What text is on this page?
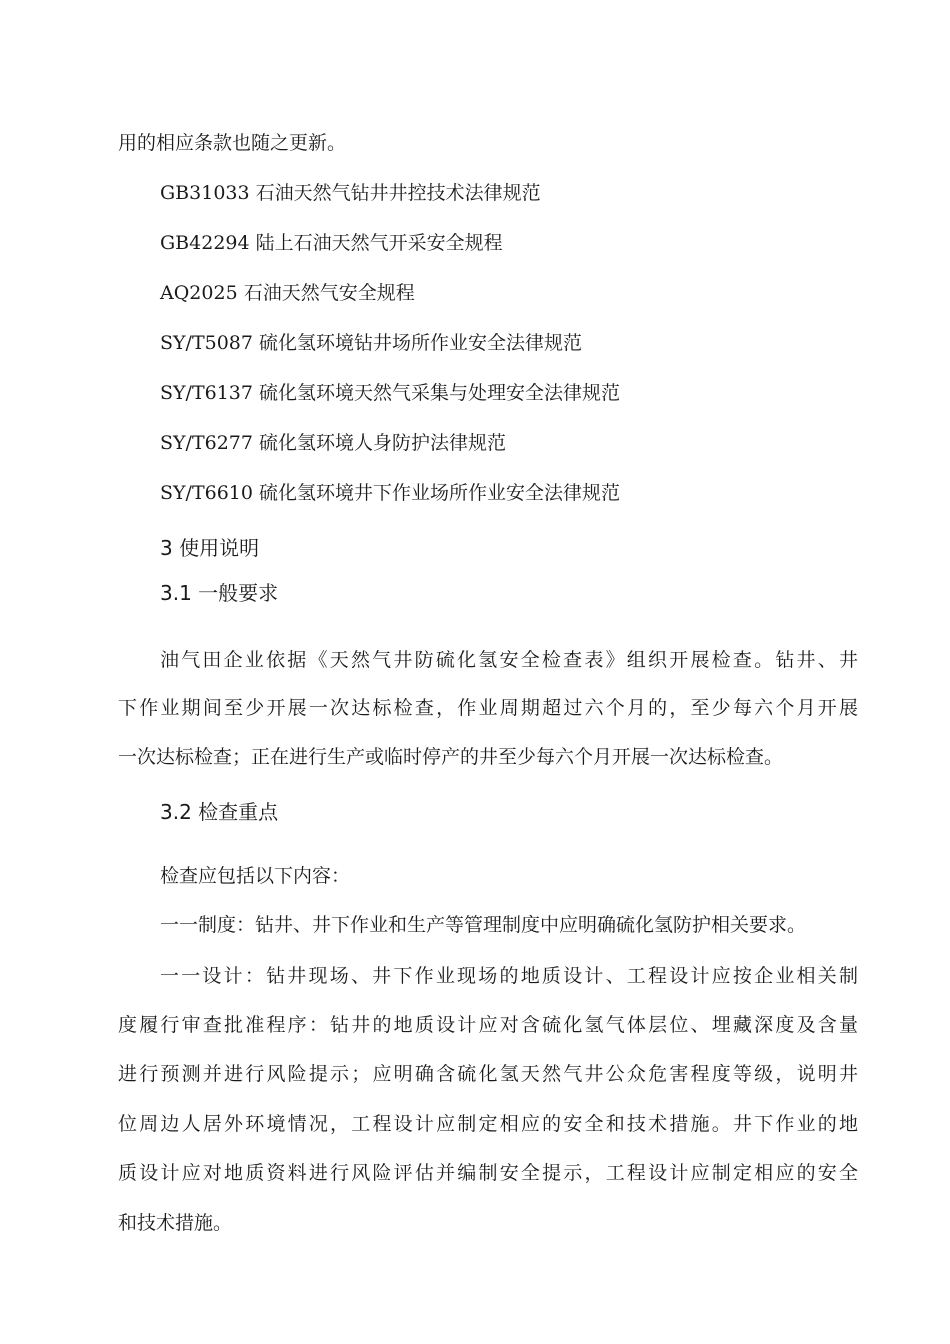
用的相应条款也随之更新。

GB31033 石油天然气钻井井控技术法律规范

GB42294 陆上石油天然气开采安全规程

AQ2025 石油天然气安全规程

SY/T5087 硫化氢环境钻井场所作业安全法律规范

SY/T6137 硫化氢环境天然气采集与处理安全法律规范

SY/T6277 硫化氢环境人身防护法律规范

SY/T6610 硫化氢环境井下作业场所作业安全法律规范

3 使用说明

3.1 一般要求

油气田企业依据《天然气井防硫化氢安全检查表》组织开展检查。钻井、井

下作业期间至少开展一次达标检查，作业周期超过六个月的，至少每六个月开展

一次达标检查；正在进行生产或临时停产的井至少每六个月开展一次达标检查。

3.2 检查重点

检查应包括以下内容：

一一制度：钻井、井下作业和生产等管理制度中应明确硫化氢防护相关要求。

一一设计：钻井现场、井下作业现场的地质设计、工程设计应按企业相关制

度履行审查批准程序：钻井的地质设计应对含硫化氢气体层位、埋藏深度及含量

进行预测并进行风险提示；应明确含硫化氢天然气井公众危害程度等级，说明井

位周边人居外环境情况，工程设计应制定相应的安全和技术措施。井下作业的地

质设计应对地质资料进行风险评估并编制安全提示，工程设计应制定相应的安全

和技术措施。
